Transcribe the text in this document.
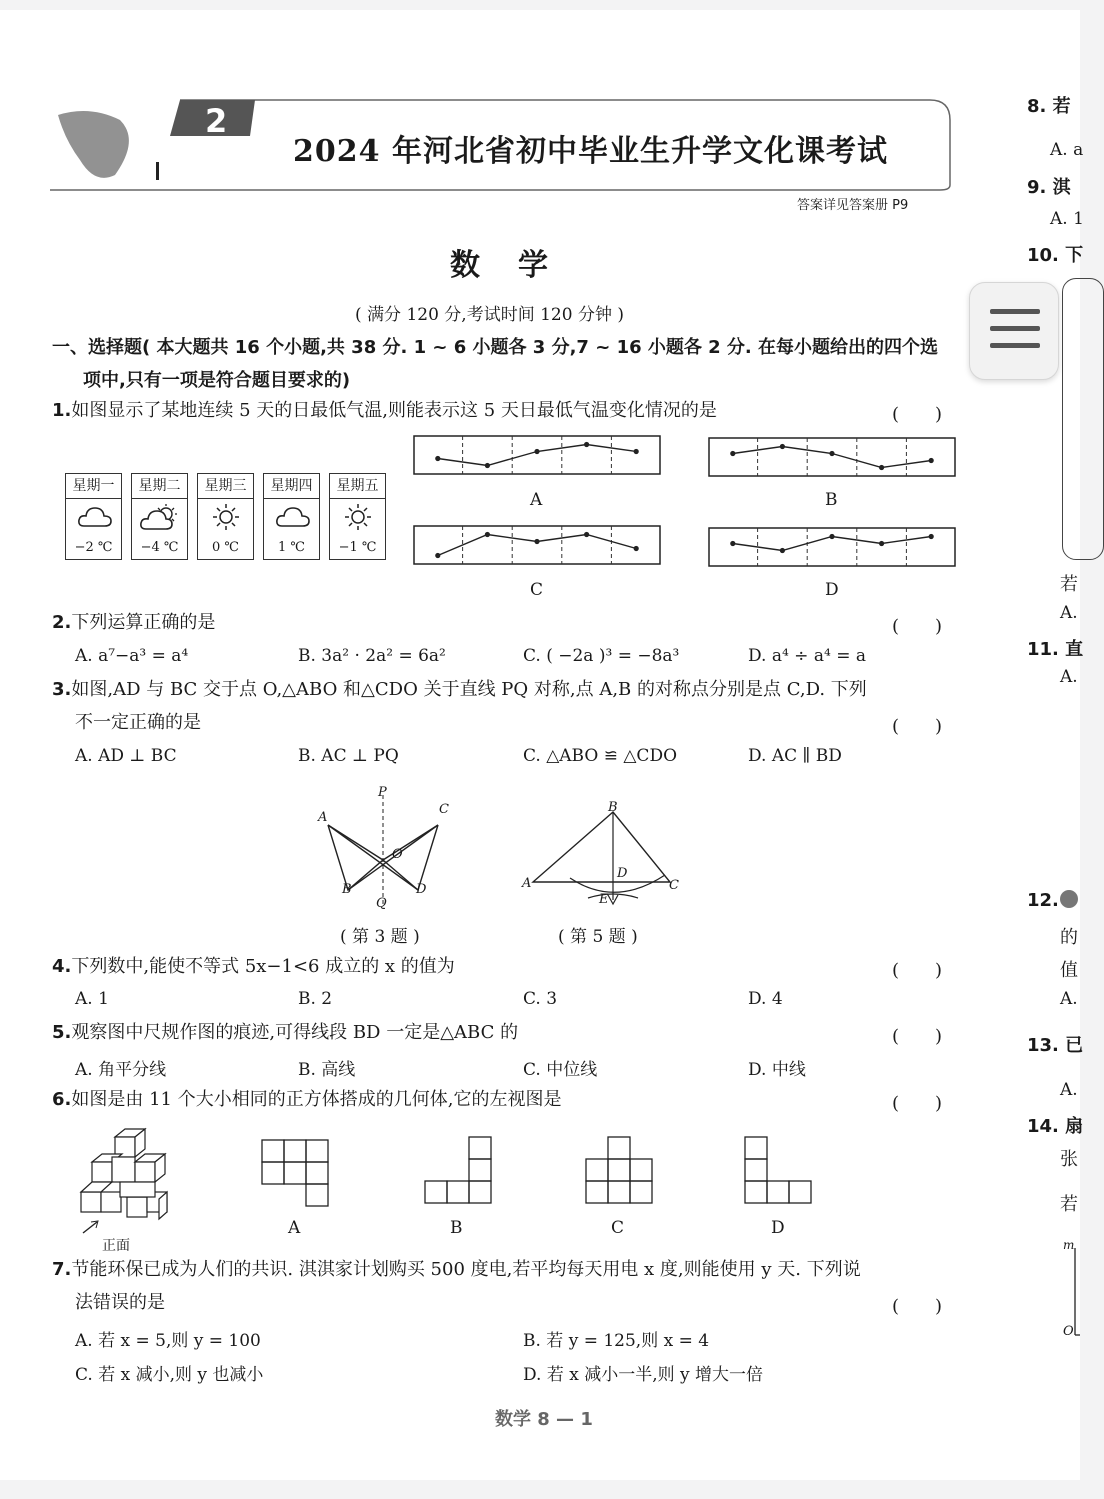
2
2024 年河北省初中毕业生升学文化课考试
答案详见答案册 P9
数　学
( 满分 120 分,考试时间 120 分钟 )
一、选择题( 本大题共 16 个小题,共 38 分. 1 ~ 6 小题各 3 分,7 ~ 16 小题各 2 分. 在每小题给出的四个选
项中,只有一项是符合题目要求的)
1.如图显示了某地连续 5 天的日最低气温,则能表示这 5 天日最低气温变化情况的是	(　　)
星期一
−2 ℃
星期二
−4 ℃
星期三
0 ℃
星期四
1 ℃
星期五
−1 ℃
A	B
C	D
2.下列运算正确的是	(　　)
A. a⁷−a³ = a⁴	B. 3a² · 2a² = 6a²	C. ( −2a )³ = −8a³	D. a⁴ ÷ a⁴ = a
3.如图,AD 与 BC 交于点 O,△ABO 和△CDO 关于直线 PQ 对称,点 A,B 的对称点分别是点 C,D. 下列
不一定正确的是	(　　)
A. AD ⊥ BC	B. AC ⊥ PQ	C. △ABO ≌ △CDO	D. AC ∥ BD
P
A
C
O
B	D
Q
( 第 3 题 )
B
A
D
C
E
( 第 5 题 )
4.下列数中,能使不等式 5x−1<6 成立的 x 的值为	(　　)
A. 1	B. 2	C. 3	D. 4
5.观察图中尺规作图的痕迹,可得线段 BD 一定是△ABC 的	(　　)
A. 角平分线	B. 高线	C. 中位线	D. 中线
6.如图是由 11 个大小相同的正方体搭成的几何体,它的左视图是	(　　)
正面
A	B	C	D
7.节能环保已成为人们的共识. 淇淇家计划购买 500 度电,若平均每天用电 x 度,则能使用 y 天. 下列说
法错误的是	(　　)
A. 若 x = 5,则 y = 100	B. 若 y = 125,则 x = 4
C. 若 x 减小,则 y 也减小	D. 若 x 减小一半,则 y 增大一倍
数学 8 — 1
8. 若
A. a
9. 淇
A. 1
10. 下
若
A.
11. 直
A.
12.
的
值
A.
13. 已
A.
14. 扇
张
若
m
O
